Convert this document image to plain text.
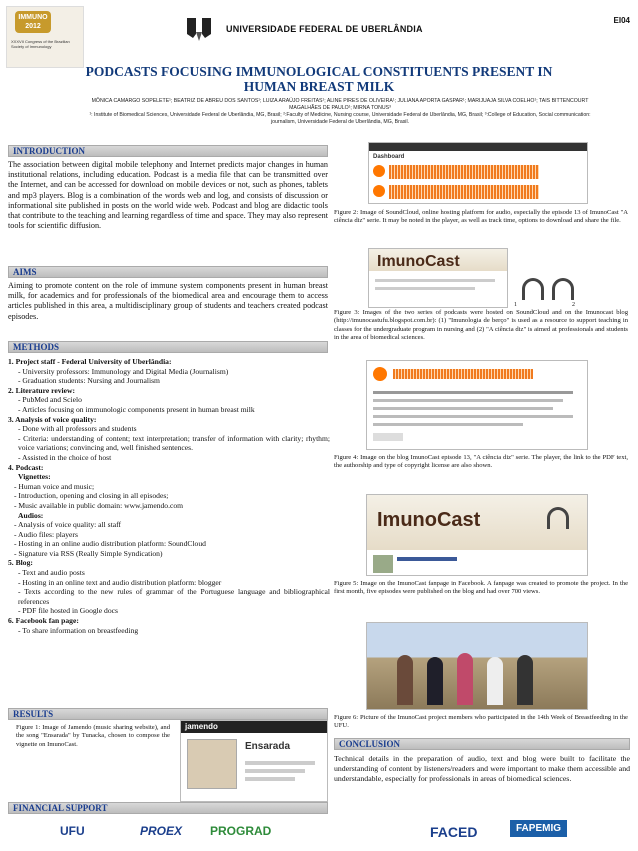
IMMUNO 2012
XXXVII Congress of the Brazilian Society of Immunology
UNIVERSIDADE FEDERAL DE UBERLÂNDIA
EI04
PODCASTS FOCUSING IMMUNOLOGICAL CONSTITUENTS PRESENT IN HUMAN BREAST MILK
MÔNICA CAMARGO SOPELETE¹; BEATRIZ DE ABREU DOS SANTOS¹; LUIZA ARAÚJO FREITAS¹; ALINE PIRES DE OLIVEIRA¹; JULIANA APORTA GASPAR¹; MARIJUAJA SILVA COELHO¹; TAIS BITTENCOURT MAGALHÃES DE PAULO¹; MIRNA TONUS³
¹: Institute of Biomedical Sciences, Universidade Federal de Uberlândia, MG, Brasil; ²:Faculty of Medicine, Nursing course, Universidade Federal de Uberlândia, MG, Brasil; ³:College of Education, Social communication: journalism, Universidade Federal de Uberlândia, MG, Brasil.
INTRODUCTION
The association between digital mobile telephony and Internet predicts major changes in human institutional relations, including education. Podcast is a media file that can be transmitted over the Internet, and can be accessed for download on mobile devices or not, such as phones, tablets and mp3 players. Blog is a combination of the words web and log, and consists of discussion or informational site published in posts on the world wide web. Podcast and blog are didactic tools that contribute to the teaching and learning regardless of time and space. They may also represent tools for scientific diffusion.
AIMS
Aiming to promote content on the role of immune system components present in human breast milk, for academics and for professionals of the biomedical area and encourage them to access articles published in this area, a multidisciplinary group of students and teachers created podcast episodes.
METHODS
1. Project staff - Federal University of Uberlândia:
- University professors: Immunology and Digital Media (Journalism)
- Graduation students: Nursing and Journalism
2. Literature review:
- PubMed and Scielo
- Articles focusing on immunologic components present in human breast milk
3. Analysis of voice quality:
- Done with all professors and students
- Criteria: understanding of content; text interpretation; transfer of information with clarity; rhythm; voice variations; convincing and, well finished sentences.
- Assisted in the choice of host
4. Podcast:
Vignettes:
- Human voice and music;
- Introduction, opening and closing in all episodes;
- Music available in public domain: www.jamendo.com
Audios:
- Analysis of voice quality: all staff
- Audio files: players
- Hosting in an online audio distribution platform: SoundCloud
- Signature via RSS (Really Simple Syndication)
5. Blog:
- Text and audio posts
- Hosting in an online text and audio distribution platform: blogger
- Texts according to the new rules of grammar of the Portuguese language and bibliographical references
- PDF file hosted in Google docs
6. Facebook fan page:
- To share information on breastfeeding
RESULTS
Figure 1: Image of Jamendo (music sharing website), and the song "Ensarada" by Tunacka, chosen to compose the vignette on ImunoCast.
jamendo
Ensarada
FINANCIAL SUPPORT
Dashboard
Figure 2: Image of SoundCloud, online hosting platform for audio, especially the episode 13 of ImunoCast "A ciência diz" serie. It may be noted in the player, as well as track time, options to download and share the file.
ImunoCast
1	2
Figure 3: Images of the two series of podcasts were hosted on SoundCloud and on the Imunocast blog (http://imunocastufu.blogspot.com.br): (1) "Imunologia de berço" is used as a resource to support teaching in classes for the undergraduate program in nursing and (2) "A ciência diz" is aimed at professionals and students in the area of biomedical sciences.
Figure 4: Image on the blog ImunoCast episode 13, "A ciência diz" serie. The player, the link to the PDF text, the authorship and type of copyright license are also shown.
ImunoCast
Figure 5: Image on the ImunoCast fanpage in Facebook. A fanpage was created to promote the project. In the first month, five episodes were published on the blog and had over 700 views.
Figure 6: Picture of the ImunoCast project members who participated in the 14th Week of Breastfeeding in the UFU.
CONCLUSION
Technical details in the preparation of audio, text and blog were built to facilitate the understanding of content by listeners/readers and were important to make them accessible and understandable, especially for professionals in areas of biomedical sciences.
UFU	PROEX PROGRAD	FACED	FAPEMIG
